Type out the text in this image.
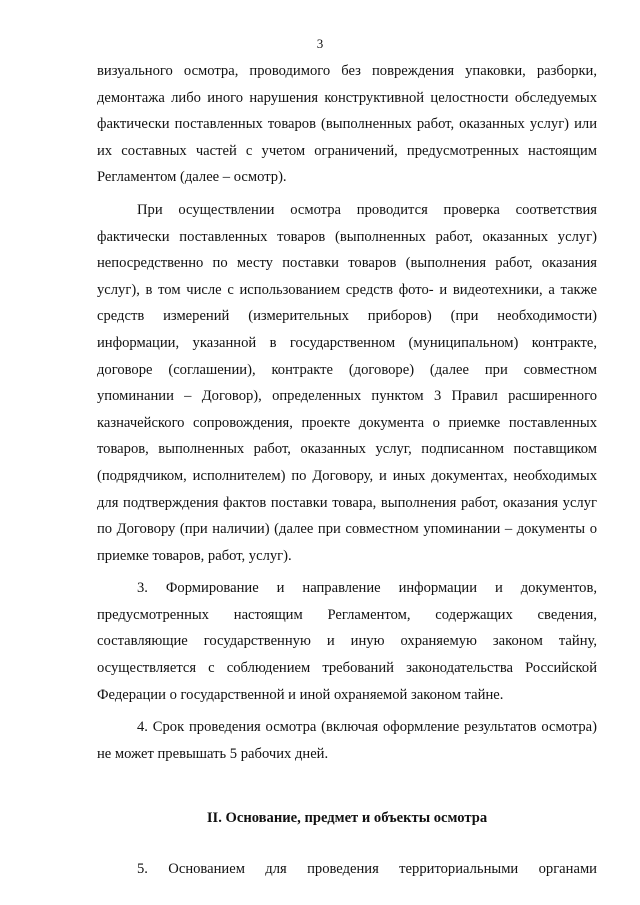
3

визуального осмотра, проводимого без повреждения упаковки, разборки, демонтажа либо иного нарушения конструктивной целостности обследуемых фактически поставленных товаров (выполненных работ, оказанных услуг) или их составных частей с учетом ограничений, предусмотренных настоящим Регламентом (далее – осмотр).

При осуществлении осмотра проводится проверка соответствия фактически поставленных товаров (выполненных работ, оказанных услуг) непосредственно по месту поставки товаров (выполнения работ, оказания услуг), в том числе с использованием средств фото- и видеотехники, а также средств измерений (измерительных приборов) (при необходимости) информации, указанной в государственном (муниципальном) контракте, договоре (соглашении), контракте (договоре) (далее при совместном упоминании – Договор), определенных пунктом 3 Правил расширенного казначейского сопровождения, проекте документа о приемке поставленных товаров, выполненных работ, оказанных услуг, подписанном поставщиком (подрядчиком, исполнителем) по Договору, и иных документах, необходимых для подтверждения фактов поставки товара, выполнения работ, оказания услуг по Договору (при наличии) (далее при совместном упоминании – документы о приемке товаров, работ, услуг).

3. Формирование и направление информации и документов, предусмотренных настоящим Регламентом, содержащих сведения, составляющие государственную и иную охраняемую законом тайну, осуществляется с соблюдением требований законодательства Российской Федерации о государственной и иной охраняемой законом тайне.

4. Срок проведения осмотра (включая оформление результатов осмотра) не может превышать 5 рабочих дней.

II. Основание, предмет и объекты осмотра

5. Основанием для проведения территориальными органами
